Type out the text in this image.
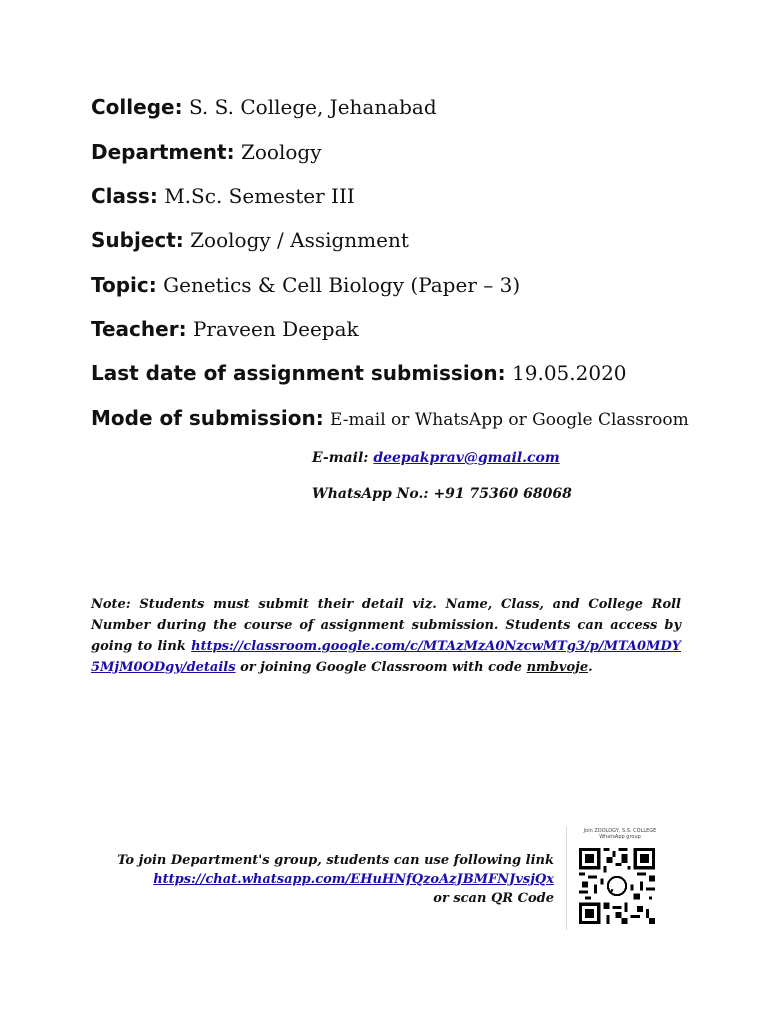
College: S. S. College, Jehanabad
Department: Zoology
Class: M.Sc. Semester III
Subject: Zoology / Assignment
Topic: Genetics & Cell Biology (Paper – 3)
Teacher: Praveen Deepak
Last date of assignment submission: 19.05.2020
Mode of submission: E-mail or WhatsApp or Google Classroom
E-mail: deepakprav@gmail.com
WhatsApp No.: +91 75360 68068
Note: Students must submit their detail viz. Name, Class, and College Roll Number during the course of assignment submission. Students can access by going to link https://classroom.google.com/c/MTAzMzA0NzcwMTg3/p/MTA0MDY5MjM0ODgy/details or joining Google Classroom with code nmbvoje.
To join Department's group, students can use following link
https://chat.whatsapp.com/EHuHNfQzoAzJBMFNJvsjQx
or scan QR Code
Join ZOOLOGY, S.S. COLLEGE WhatsApp group
